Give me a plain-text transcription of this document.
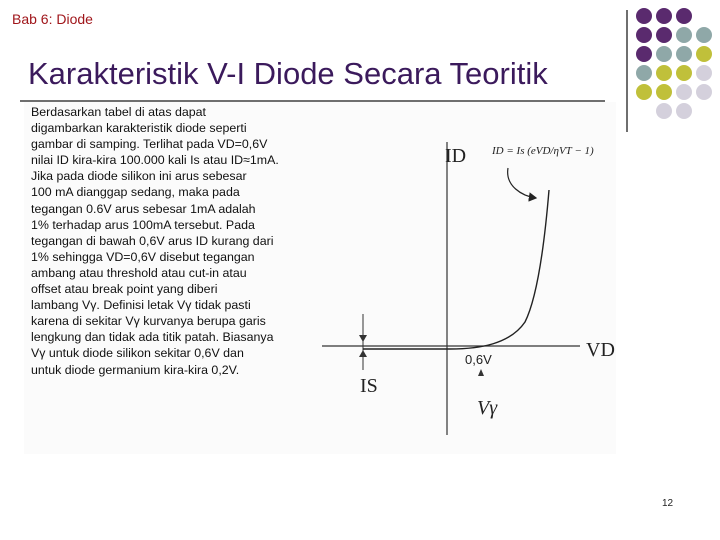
Bab 6: Diode
Karakteristik V-I Diode Secara Teoritik
ID ID = Is (eVD/ηVT − 1)
VD
IS
0,6V
Vγ

Berdasarkan tabel di atas dapat

digambarkan karakteristik diode seperti

gambar di samping. Terlihat pada VD=0,6V

nilai ID kira-kira 100.000 kali Is atau ID≈1mA.

Jika pada diode silikon ini arus sebesar

100 mA dianggap sedang, maka pada

tegangan 0.6V arus sebesar 1mA adalah

1% terhadap arus 100mA tersebut. Pada

tegangan di bawah 0,6V arus ID kurang dari

1% sehingga VD=0,6V disebut tegangan

ambang atau threshold atau cut-in atau

offset atau break point yang diberi

lambang Vγ. Definisi letak Vγ tidak pasti

karena di sekitar Vγ kurvanya berupa garis

lengkung dan tidak ada titik patah. Biasanya

Vγ untuk diode silikon sekitar 0,6V dan

untuk diode germanium kira-kira 0,2V.

12
